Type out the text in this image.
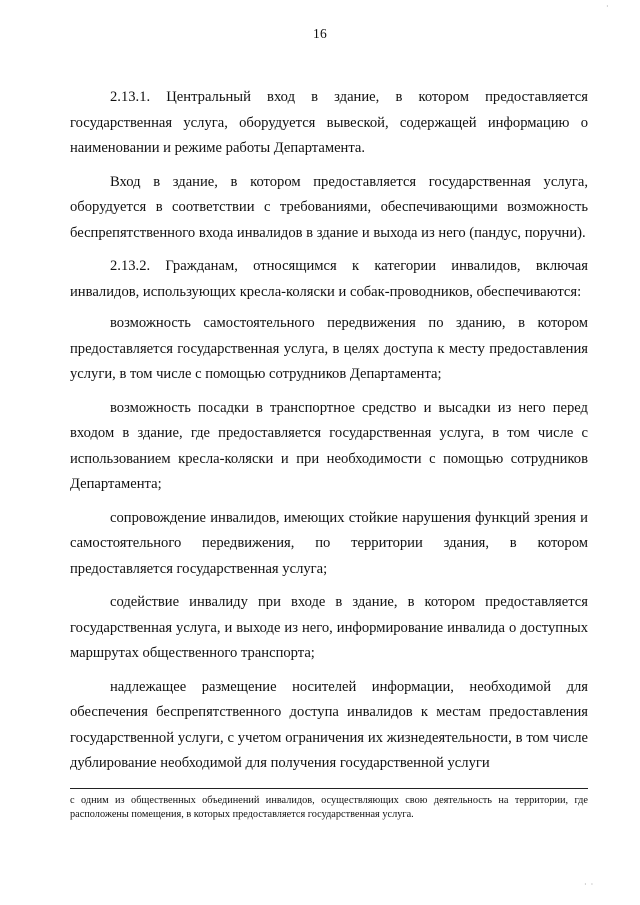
16

2.13.1. Центральный вход в здание, в котором предоставляется государственная услуга, оборудуется вывеской, содержащей информацию о наименовании и режиме работы Департамента.

Вход в здание, в котором предоставляется государственная услуга, оборудуется в соответствии с требованиями, обеспечивающими возможность беспрепятственного входа инвалидов в здание и выхода из него (пандус, поручни).

2.13.2. Гражданам, относящимся к категории инвалидов, включая инвалидов, использующих кресла-коляски и собак-проводников, обеспечиваются:

возможность самостоятельного передвижения по зданию, в котором предоставляется государственная услуга, в целях доступа к месту предоставления услуги, в том числе с помощью сотрудников Департамента;

возможность посадки в транспортное средство и высадки из него перед входом в здание, где предоставляется государственная услуга, в том числе с использованием кресла-коляски и при необходимости с помощью сотрудников Департамента;

сопровождение инвалидов, имеющих стойкие нарушения функций зрения и самостоятельного передвижения, по территории здания, в котором предоставляется государственная услуга;

содействие инвалиду при входе в здание, в котором предоставляется государственная услуга, и выходе из него, информирование инвалида о доступных маршрутах общественного транспорта;

надлежащее размещение носителей информации, необходимой для обеспечения беспрепятственного доступа инвалидов к местам предоставления государственной услуги, с учетом ограничения их жизнедеятельности, в том числе дублирование необходимой для получения государственной услуги

с одним из общественных объединений инвалидов, осуществляющих свою деятельность на территории, где расположены помещения, в которых предоставляется государственная услуга.

·
· ·
